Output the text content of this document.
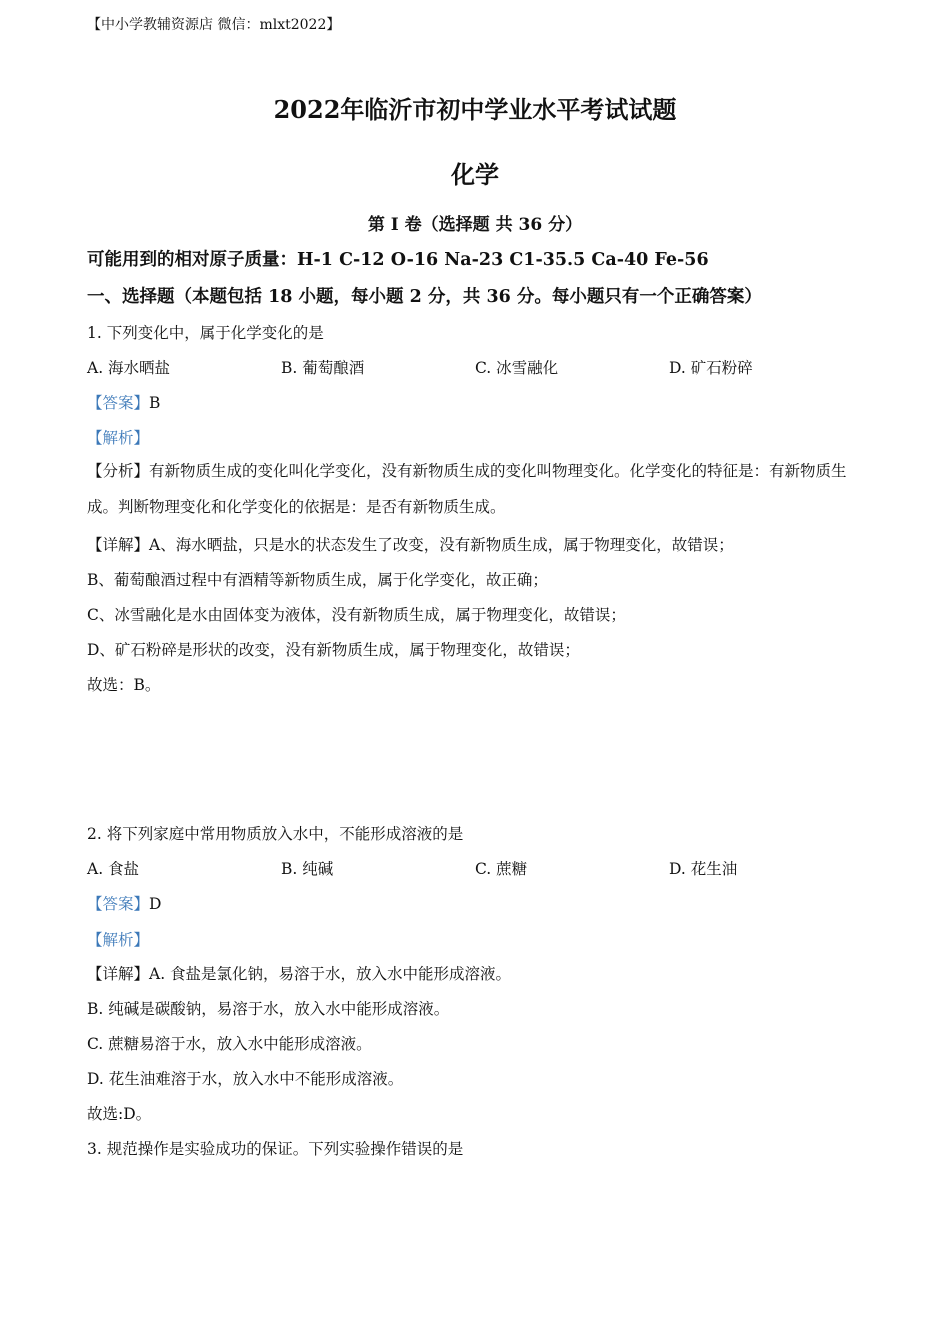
【中小学教辅资源店 微信：mlxt2022】
2022年临沂市初中学业水平考试试题
化学
第 I 卷（选择题 共 36 分）
可能用到的相对原子质量：H-1 C-12 O-16 Na-23 C1-35.5 Ca-40 Fe-56
一、选择题（本题包括 18 小题，每小题 2 分，共 36 分。每小题只有一个正确答案）
1. 下列变化中，属于化学变化的是
A. 海水晒盐	B. 葡萄酿酒	C. 冰雪融化	D. 矿石粉碎
【答案】B
【解析】
【分析】有新物质生成的变化叫化学变化，没有新物质生成的变化叫物理变化。化学变化的特征是：有新物质生成。判断物理变化和化学变化的依据是：是否有新物质生成。
【详解】A、海水晒盐，只是水的状态发生了改变，没有新物质生成，属于物理变化，故错误；
B、葡萄酿酒过程中有酒精等新物质生成，属于化学变化，故正确；
C、冰雪融化是水由固体变为液体，没有新物质生成，属于物理变化，故错误；
D、矿石粉碎是形状的改变，没有新物质生成，属于物理变化，故错误；
故选：B。
2. 将下列家庭中常用物质放入水中，不能形成溶液的是
A. 食盐	B. 纯碱	C. 蔗糖	D. 花生油
【答案】D
【解析】
【详解】A. 食盐是氯化钠，易溶于水，放入水中能形成溶液。
B. 纯碱是碳酸钠，易溶于水，放入水中能形成溶液。
C. 蔗糖易溶于水，放入水中能形成溶液。
D. 花生油难溶于水，放入水中不能形成溶液。
故选:D。
3. 规范操作是实验成功的保证。下列实验操作错误的是
